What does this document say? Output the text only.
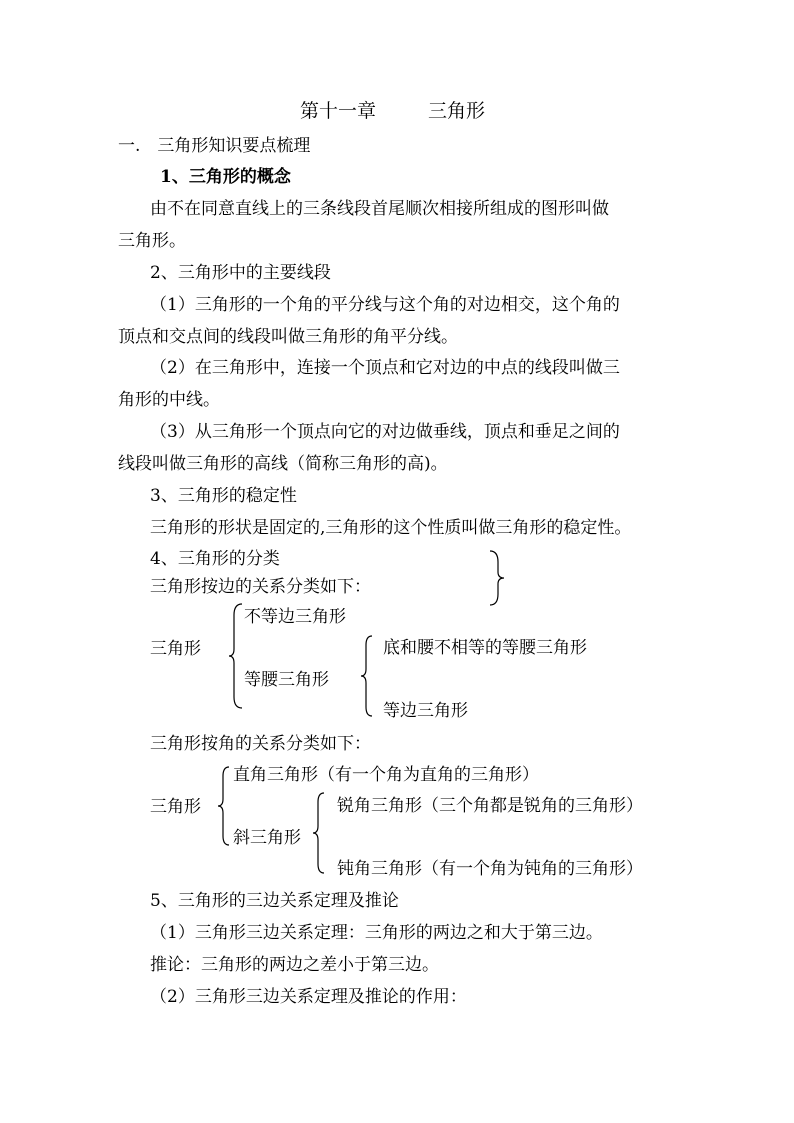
第十一章	三角形
一.　三角形知识要点梳理
1、三角形的概念
由不在同意直线上的三条线段首尾顺次相接所组成的图形叫做
三角形。
2、三角形中的主要线段
（1）三角形的一个角的平分线与这个角的对边相交，这个角的
顶点和交点间的线段叫做三角形的角平分线。
（2）在三角形中，连接一个顶点和它对边的中点的线段叫做三
角形的中线。
（3）从三角形一个顶点向它的对边做垂线，顶点和垂足之间的
线段叫做三角形的高线（简称三角形的高)。
3、三角形的稳定性
三角形的形状是固定的,三角形的这个性质叫做三角形的稳定性。
4、三角形的分类
三角形按边的关系分类如下：
三角形
不等边三角形
等腰三角形
底和腰不相等的等腰三角形
等边三角形
三角形按角的关系分类如下：
三角形
直角三角形（有一个角为直角的三角形）
斜三角形
锐角三角形（三个角都是锐角的三角形）
钝角三角形（有一个角为钝角的三角形）
5、三角形的三边关系定理及推论
（1）三角形三边关系定理：三角形的两边之和大于第三边。
推论：三角形的两边之差小于第三边。
（2）三角形三边关系定理及推论的作用：
